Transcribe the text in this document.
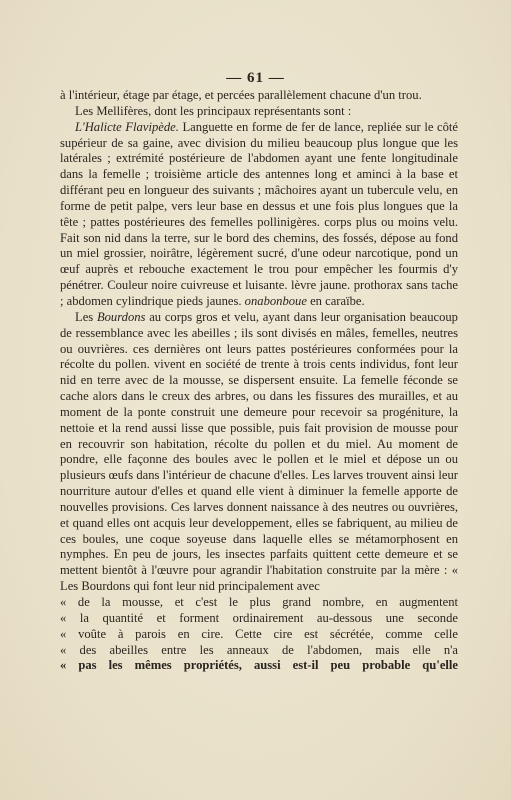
— 61 —

à l'intérieur, étage par étage, et percées parallèlement chacune d'un trou.

Les Mellifères, dont les principaux représentants sont :

L'Halicte Flavipède. Languette en forme de fer de lance, repliée sur le côté supérieur de sa gaine, avec division du milieu beaucoup plus longue que les latérales ; extrémité postérieure de l'abdomen ayant une fente longitudinale dans la femelle ; troisième article des antennes long et aminci à la base et différant peu en longueur des suivants ; mâchoires ayant un tubercule velu, en forme de petit palpe, vers leur base en dessus et une fois plus longues que la tête ; pattes postérieures des femelles pollinigères. corps plus ou moins velu. Fait son nid dans la terre, sur le bord des chemins, des fossés, dépose au fond un miel grossier, noirâtre, légèrement sucré, d'une odeur narcotique, pond un œuf auprès et rebouche exactement le trou pour empêcher les fourmis d'y pénétrer. Couleur noire cuivreuse et luisante. lèvre jaune. prothorax sans tache ; abdomen cylindrique pieds jaunes. onabonboue en caraïbe.

Les Bourdons au corps gros et velu, ayant dans leur organisation beaucoup de ressemblance avec les abeilles ; ils sont divisés en mâles, femelles, neutres ou ouvrières. ces dernières ont leurs pattes postérieures conformées pour la récolte du pollen. vivent en société de trente à trois cents individus, font leur nid en terre avec de la mousse, se dispersent ensuite. La femelle féconde se cache alors dans le creux des arbres, ou dans les fissures des murailles, et au moment de la ponte construit une demeure pour recevoir sa progéniture, la nettoie et la rend aussi lisse que possible, puis fait provision de mousse pour en recouvrir son habitation, récolte du pollen et du miel. Au moment de pondre, elle façonne des boules avec le pollen et le miel et dépose un ou plusieurs œufs dans l'intérieur de chacune d'elles. Les larves trouvent ainsi leur nourriture autour d'elles et quand elle vient à diminuer la femelle apporte de nouvelles provisions. Ces larves donnent naissance à des neutres ou ouvrières, et quand elles ont acquis leur developpement, elles se fabriquent, au milieu de ces boules, une coque soyeuse dans laquelle elles se métamorphosent en nymphes. En peu de jours, les insectes parfaits quittent cette demeure et se mettent bientôt à l'œuvre pour agrandir l'habitation construite par la mère : « Les Bourdons qui font leur nid principalement avec

« de la mousse, et c'est le plus grand nombre, en augmentent
« la quantité et forment ordinairement au-dessous une seconde
« voûte à parois en cire. Cette cire est sécrétée, comme celle
« des abeilles entre les anneaux de l'abdomen, mais elle n'a
« pas les mêmes propriétés, aussi est-il peu probable qu'elle
